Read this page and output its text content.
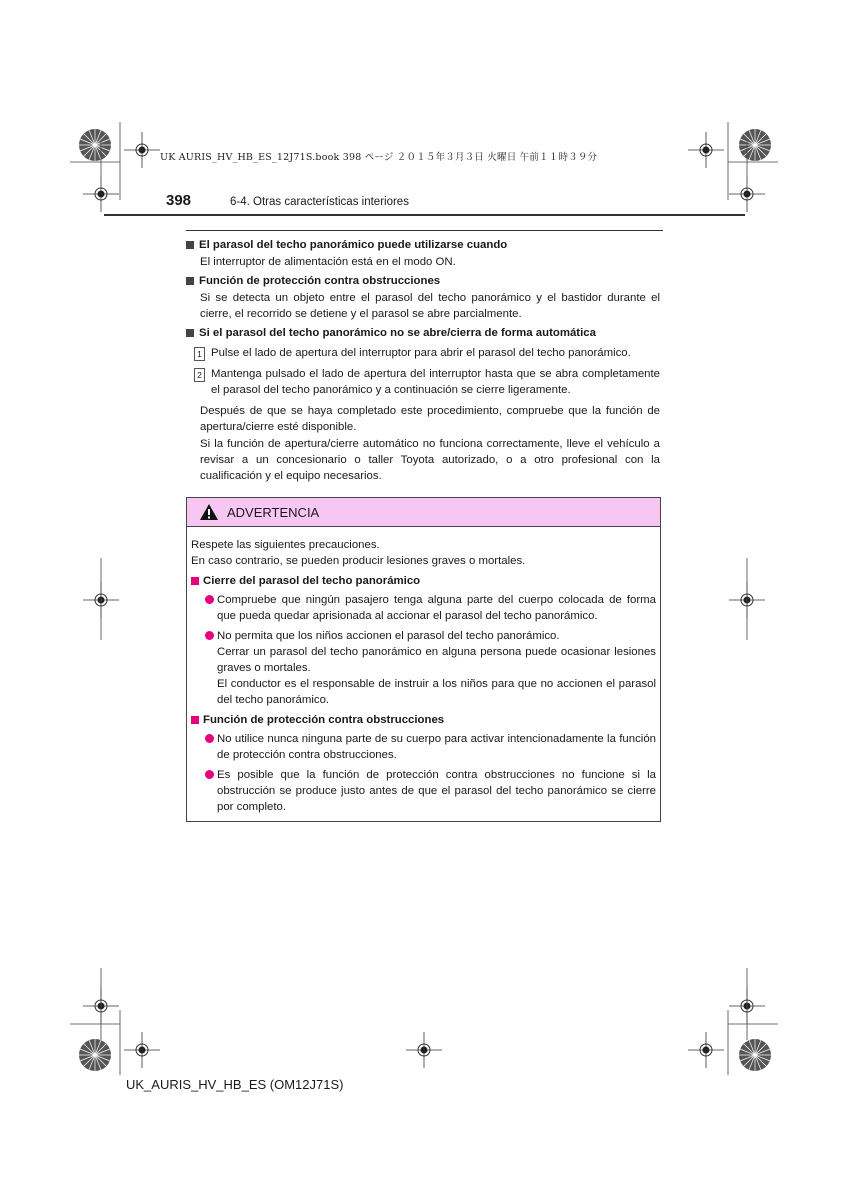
UK AURIS_HV_HB_ES_12J71S.book 398 ページ ２０１５年３月３日 火曜日 午前１１時３９分
398	6-4. Otras características interiores
El parasol del techo panorámico puede utilizarse cuando
El interruptor de alimentación está en el modo ON.
Función de protección contra obstrucciones
Si se detecta un objeto entre el parasol del techo panorámico y el bastidor durante el cierre, el recorrido se detiene y el parasol se abre parcialmente.
Si el parasol del techo panorámico no se abre/cierra de forma automática
1 Pulse el lado de apertura del interruptor para abrir el parasol del techo panorámico.
2 Mantenga pulsado el lado de apertura del interruptor hasta que se abra completamente el parasol del techo panorámico y a continuación se cierre ligeramente.
Después de que se haya completado este procedimiento, compruebe que la función de apertura/cierre esté disponible.
Si la función de apertura/cierre automático no funciona correctamente, lleve el vehículo a revisar a un concesionario o taller Toyota autorizado, o a otro profesional con la cualificación y el equipo necesarios.
ADVERTENCIA
Respete las siguientes precauciones.
En caso contrario, se pueden producir lesiones graves o mortales.
Cierre del parasol del techo panorámico
Compruebe que ningún pasajero tenga alguna parte del cuerpo colocada de forma que pueda quedar aprisionada al accionar el parasol del techo panorámico.
No permita que los niños accionen el parasol del techo panorámico.
Cerrar un parasol del techo panorámico en alguna persona puede ocasionar lesiones graves o mortales.
El conductor es el responsable de instruir a los niños para que no accionen el parasol del techo panorámico.
Función de protección contra obstrucciones
No utilice nunca ninguna parte de su cuerpo para activar intencionadamente la función de protección contra obstrucciones.
Es posible que la función de protección contra obstrucciones no funcione si la obstrucción se produce justo antes de que el parasol del techo panorámico se cierre por completo.
UK_AURIS_HV_HB_ES (OM12J71S)
